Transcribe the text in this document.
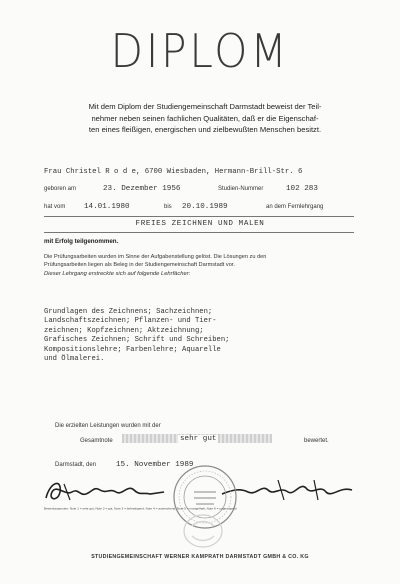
DIPLOM
Mit dem Diplom der Studiengemeinschaft Darmstadt beweist der Teil-
nehmer neben seinen fachlichen Qualitäten, daß er die Eigenschaf-
ten eines fleißigen, energischen und zielbewußten Menschen besitzt.
Frau Christel R o d e, 6700 Wiesbaden, Hermann-Brill-Str. 6
geboren am	23. Dezember 1956	Studien-Nummer	102 283
hat vom 14.01.1980	bis 20.10.1989	an dem Fernlehrgang
FREIES ZEICHNEN UND MALEN
mit Erfolg teilgenommen.
Die Prüfungsarbeiten wurden im Sinne der Aufgabenstellung gelöst. Die Lösungen zu den
Prüfungsarbeiten liegen als Beleg in der Studiengemeinschaft Darmstadt vor.
Dieser Lehrgang erstreckte sich auf folgende Lehrfächer:
Grundlagen des Zeichnens; Sachzeichnen;
Landschaftszeichnen; Pflanzen- und Tier-
zeichnen; Kopfzeichnen; Aktzeichnung;
Grafisches Zeichnen; Schrift und Schreiben;
Kompositionslehre; Farbenlehre; Aquarelle
und Ölmalerei.
Die erzielten Leistungen wurden mit der
Gesamtnote	sehr gut	bewertet.
Darmstadt, den	15. November 1989
Bewertungsnoten: Note 1 = sehr gut, Note 2 = gut, Note 3 = befriedigend, Note 4 = ausreichend, Note 5 = mangelhaft, Note 6 = ungenügend
STUDIENGEMEINSCHAFT WERNER KAMPRATH DARMSTADT GMBH & CO. KG
